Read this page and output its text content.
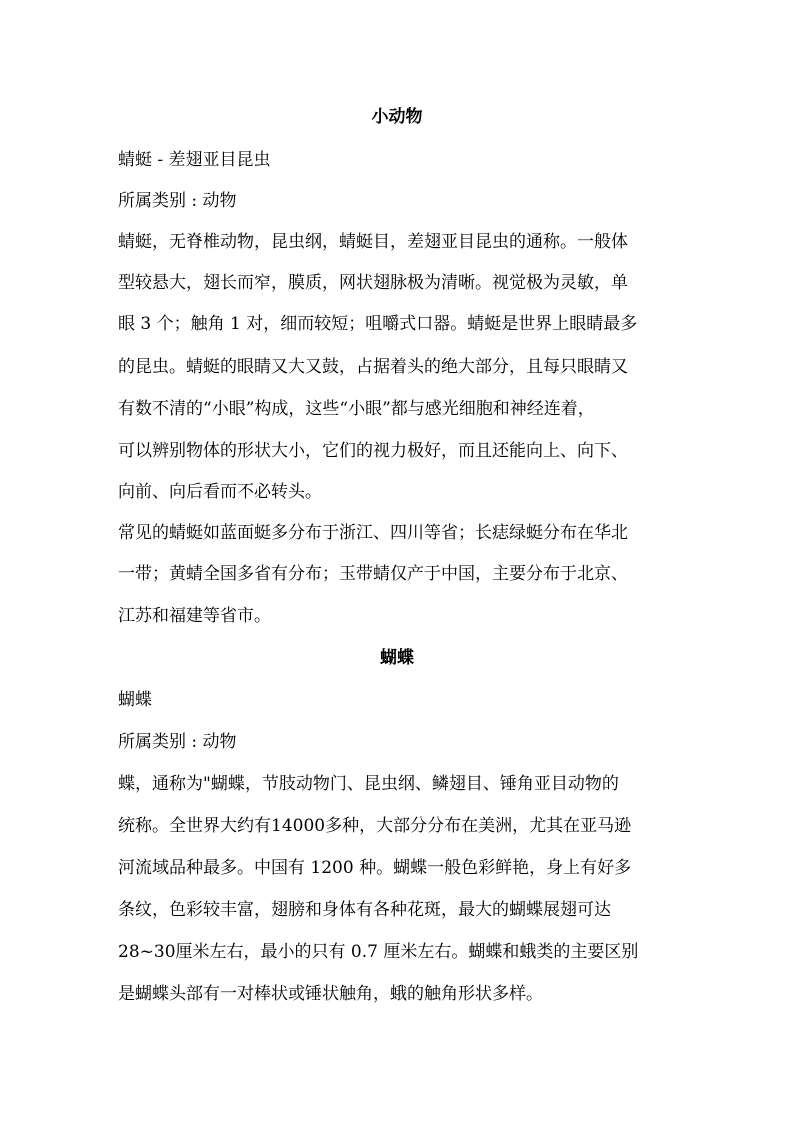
小动物

蜻蜓 - 差翅亚目昆虫

所属类别 : 动物

蜻蜓，无脊椎动物，昆虫纲，蜻蜓目，差翅亚目昆虫的通称。一般体

型较悬大，翅长而窄，膜质，网状翅脉极为清晰。视觉极为灵敏，单

眼 3 个；触角 1 对，细而较短；咀嚼式口器。蜻蜓是世界上眼睛最多

的昆虫。蜻蜓的眼睛又大又鼓，占据着头的绝大部分，且每只眼睛又

有数不清的“小眼”构成，这些“小眼”都与感光细胞和神经连着，

可以辨别物体的形状大小，它们的视力极好，而且还能向上、向下、

向前、向后看而不必转头。

常见的蜻蜓如蓝面蜓多分布于浙江、四川等省；长痣绿蜓分布在华北

一带；黄蜻全国多省有分布；玉带蜻仅产于中国，主要分布于北京、

江苏和福建等省市。

蝴蝶

蝴蝶

所属类别 : 动物

蝶，通称为"蝴蝶，节肢动物门、昆虫纲、鳞翅目、锤角亚目动物的

统称。全世界大约有14000多种，大部分分布在美洲，尤其在亚马逊

河流域品种最多。中国有 1200 种。蝴蝶一般色彩鲜艳，身上有好多

条纹，色彩较丰富，翅膀和身体有各种花斑，最大的蝴蝶展翅可达

28~30厘米左右，最小的只有 0.7 厘米左右。蝴蝶和蛾类的主要区别

是蝴蝶头部有一对棒状或锤状触角，蛾的触角形状多样。
